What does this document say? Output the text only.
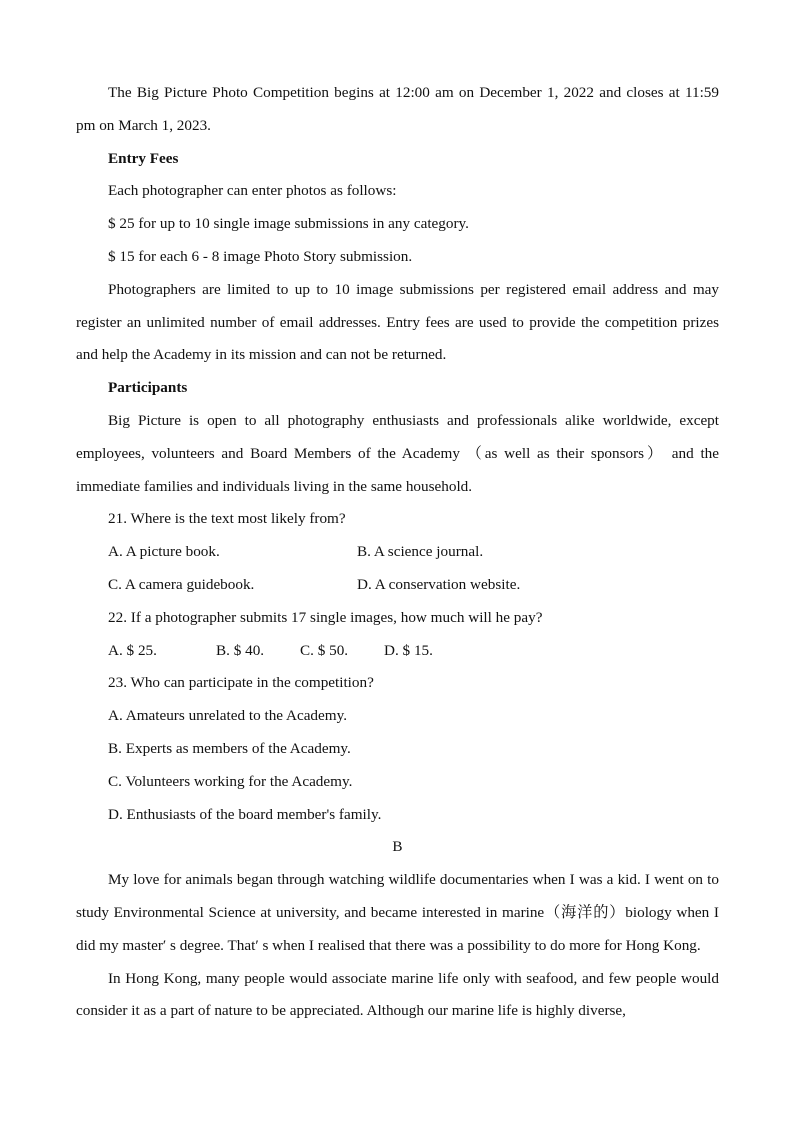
The Big Picture Photo Competition begins at 12:00 am on December 1, 2022 and closes at 11:59 pm on March 1, 2023.

Entry Fees

Each photographer can enter photos as follows:

$ 25 for up to 10 single image submissions in any category.

$ 15 for each 6 - 8 image Photo Story submission.

Photographers are limited to up to 10 image submissions per registered email address and may register an unlimited number of email addresses. Entry fees are used to provide the competition prizes and help the Academy in its mission and can not be returned.

Participants

Big Picture is open to all photography enthusiasts and professionals alike worldwide, except employees, volunteers and Board Members of the Academy （as well as their sponsors） and the immediate families and individuals living in the same household.

21. Where is the text most likely from?

A. A picture book.	B. A science journal.
C. A camera guidebook.	D. A conservation website.

22. If a photographer submits 17 single images, how much will he pay?

A. $ 25.	B. $ 40.	C. $ 50.	D. $ 15.

23. Who can participate in the competition?

A. Amateurs unrelated to the Academy.

B. Experts as members of the Academy.

C. Volunteers working for the Academy.

D. Enthusiasts of the board member's family.

B

My love for animals began through watching wildlife documentaries when I was a kid. I went on to study Environmental Science at university, and became interested in marine（海洋的）biology when I did my master′ s degree. That′ s when I realised that there was a possibility to do more for Hong Kong.

In Hong Kong, many people would associate marine life only with seafood, and few people would consider it as a part of nature to be appreciated. Although our marine life is highly diverse,
